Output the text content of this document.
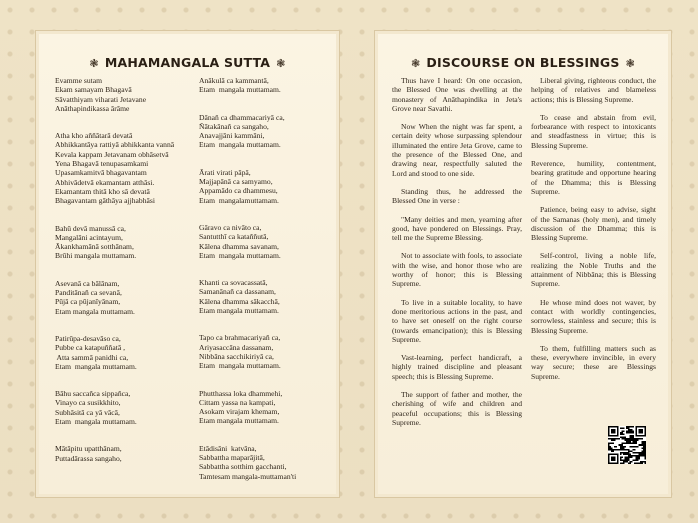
❃ MAHAMANGALA SUTTA ❃
Evamme sutam
Ekam samayam Bhagavā
Sāvatthiyam viharati Jetavane
Anāthapindikassa ārāme
Atha kho aññātarā devatā
Abhikkantāya rattiyā abhikkanta vannā
Kevala kappam Jetavanam obhāsetvā
Yena Bhagavā tenupasamkami
Upasamkamitvā bhagavantam
Abhivādetvā ekamantam atthāsi.
Ekamantam thitā kho sā devatā
Bhagavantam gāthāya ajjhabhāsi
Bahū devā manussā ca,
Mangalāni acintayum,
Ākankhamānā sotthānam,
Brūhi mangala muttamam.
Asevanā ca bālānam,
Panditānañ ca sevanā,
Pūjā ca pūjanīyānam,
Etam mangala muttamam.
Patirūpa-desavāso ca,
Pubbe ca katapuññatā ,
Atta sammā panidhi ca,
Etam  mangala muttamam.
Bāhu saccañca sippañca,
Vinayo ca susikkhito,
Subhāsitā ca yā vācā,
Etam  mangala muttamam.
Mātāpitu upatthānam,
Puttadārassa sangaho,
Anākulā ca kammantā,
Etam  mangala muttamam.
Dānañ ca dhammacariyā ca,
Ñātakānañ ca sangaho,
Anavajjāni kammāni,
Etam  mangala muttamam.
Ārati virati pāpā,
Majjapānā ca samyamo,
Appamādo ca dhammesu,
Etam  mangalamuttamam.
Gāravo ca nivāto ca,
Santutthī ca kataññutā,
Kālena dhamma savanam,
Etam  mangala muttamam.
Khanti ca sovacassatā,
Samanānañ ca dassanam,
Kālena dhamma sākacchā,
Etam mangala muttamam.
Tapo ca brahmacariyañ ca,
Ariyasaccāna dassanam,
Nibbāna sacchikiriyā ca,
Etam  mangala muttamam.
Phutthassa loka dhammehi,
Cittam yassa na kampati,
Asokam virajam khemam,
Etam mangala muttamam.
Etādisāni  katvāna,
Sabbattha maparājitā,
Sabbattha sotthim gacchanti,
Tamtesam mangala-muttaman'ti
❃ DISCOURSE ON BLESSINGS ❃
Thus have I heard: On one occasion, the Blessed One was dwelling at the monastery of Anāthapindika in Jeta's Grove near Savathi.
Now When the night was far spent, a certain deity whose surpassing splendour illuminated the entire Jeta Grove, came to the presence of the Blessed One, and drawing near, respectfully saluted the Lord and stood to one side.
Standing thus, he addressed the Blessed One in verse :
"Many deities and men, yearning after good, have pondered on Blessings. Pray, tell me the Supreme Blessing.
Not to associate with fools, to associate with the wise, and honor those who are worthy of honor; this is Blessing Supreme.
To live in a suitable locality, to have done meritorious actions in the past, and to have set oneself on the right course (towards emancipation); this is Blessing Supreme.
Vast-learning, perfect handicraft, a highly trained discipline and pleasant speech; this is Blessing Supreme.
The support of father and mother, the cherishing of wife and children and peaceful occupations; this is Blessing Supreme.
Liberal giving, righteous conduct, the helping of relatives and blameless actions; this is Blessing Supreme.
To cease and abstain from evil, forbearance with respect to intoxicants and steadfastness in virtue; this is Blessing Supreme.
Reverence, humility, contentment, bearing gratitude and opportune hearing of the Dhamma; this is Blessing Supreme.
Patience, being easy to advise, sight of the Samanas (holy men), and timely discussion of the Dhamma; this is Blessing Supreme.
Self-control, living a noble life, realizing the Noble Truths and the attainment of Nibbāna; this is Blessing Supreme.
He whose mind does not waver, by contact with worldly contingencies, sorrowless, stainless and secure; this is Blessing Supreme.
To them, fulfilling matters such as these, everywhere invincible, in every way secure; these are Blessings Supreme.
